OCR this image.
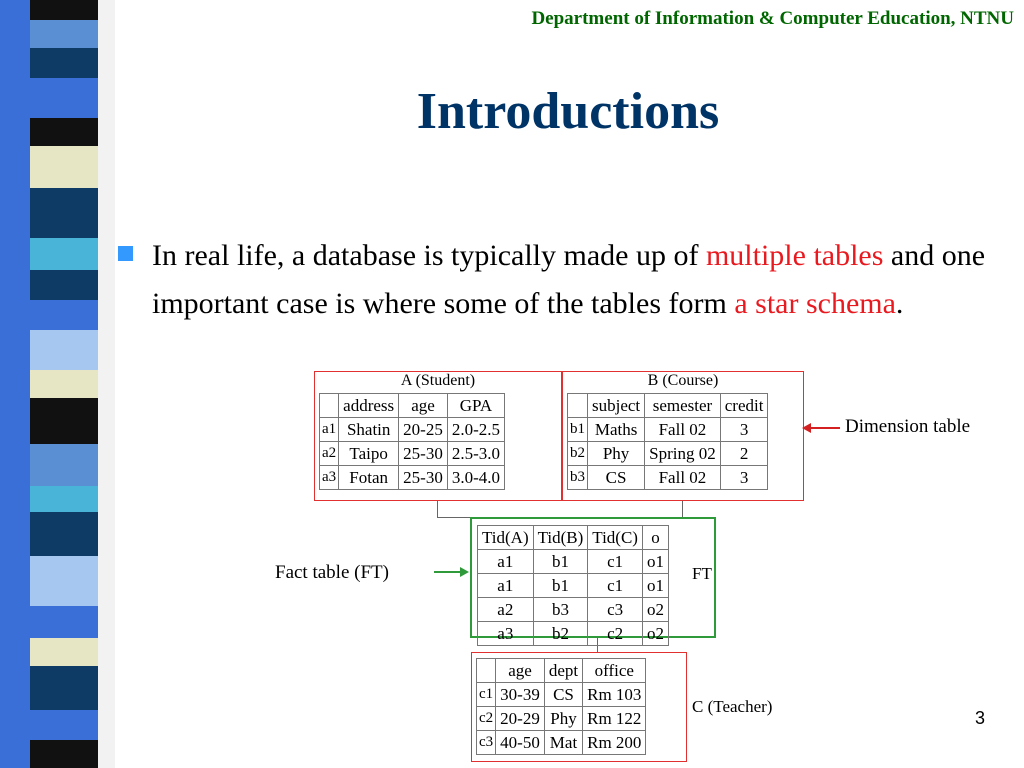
Department of Information & Computer Education, NTNU
Introductions
In real life, a database is typically made up of multiple tables and one important case is where some of the tables form a star schema.
A (Student)
	address	age	GPA
a1	Shatin	20-25	2.0-2.5
a2	Taipo	25-30	2.5-3.0
a3	Fotan	25-30	3.0-4.0
B (Course)
	subject	semester	credit
b1	Maths	Fall 02	3
b2	Phy	Spring 02	2
b3	CS	Fall 02	3
Dimension table
Tid(A)	Tid(B)	Tid(C)	o
a1	b1	c1	o1
a1	b1	c1	o1
a2	b3	c3	o2
a3	b2	c2	o2
FT
Fact table (FT)
	age	dept	office
c1	30-39	CS	Rm 103
c2	20-29	Phy	Rm 122
c3	40-50	Mat	Rm 200
C (Teacher)
3
